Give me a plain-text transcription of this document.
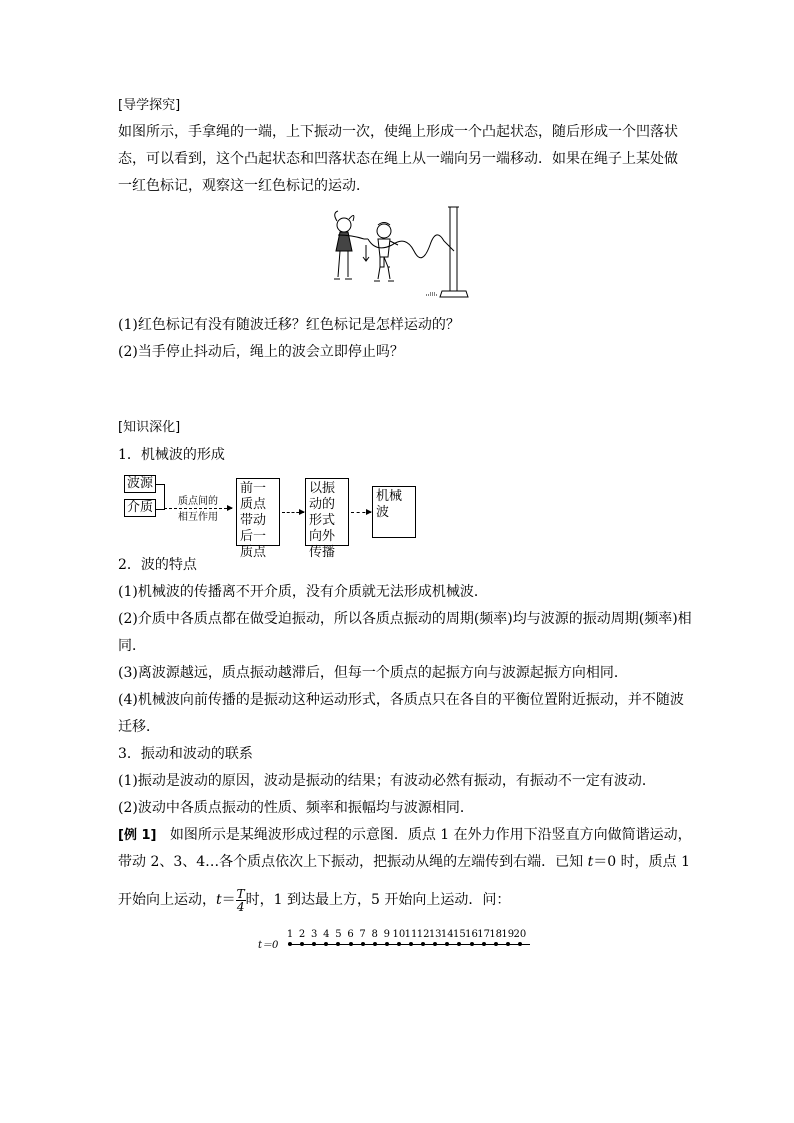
[导学探究]
如图所示，手拿绳的一端，上下振动一次，使绳上形成一个凸起状态，随后形成一个凹落状
态，可以看到，这个凸起状态和凹落状态在绳上从一端向另一端移动．如果在绳子上某处做
一红色标记，观察这一红色标记的运动．
(1)红色标记有没有随波迁移？红色标记是怎样运动的？
(2)当手停止抖动后，绳上的波会立即停止吗？
[知识深化]
1．机械波的形成
波源
介质	质点间的
相互作用
前一质点带动后一质点
以振动的形式向外传播
机械波
2．波的特点
(1)机械波的传播离不开介质，没有介质就无法形成机械波．
(2)介质中各质点都在做受迫振动，所以各质点振动的周期(频率)均与波源的振动周期(频率)相
同．
(3)离波源越远，质点振动越滞后，但每一个质点的起振方向与波源起振方向相同．
(4)机械波向前传播的是振动这种运动形式，各质点只在各自的平衡位置附近振动，并不随波
迁移．
3．振动和波动的联系
(1)振动是波动的原因，波动是振动的结果；有波动必然有振动，有振动不一定有波动．
(2)波动中各质点振动的性质、频率和振幅均与波源相同．
[例 1] 如图所示是某绳波形成过程的示意图．质点 1 在外力作用下沿竖直方向做简谐运动，
带动 2、3、4…各个质点依次上下振动，把振动从绳的左端传到右端．已知 t＝0 时，质点 1
开始向上运动，$t= \frac{T}{4}$ 时，1 到达最上方，5 开始向上运动．问：
t＝0
1 2 3 4 5 6 7 8 9 10 11 12 13 14 15 16 17 18 19 20
